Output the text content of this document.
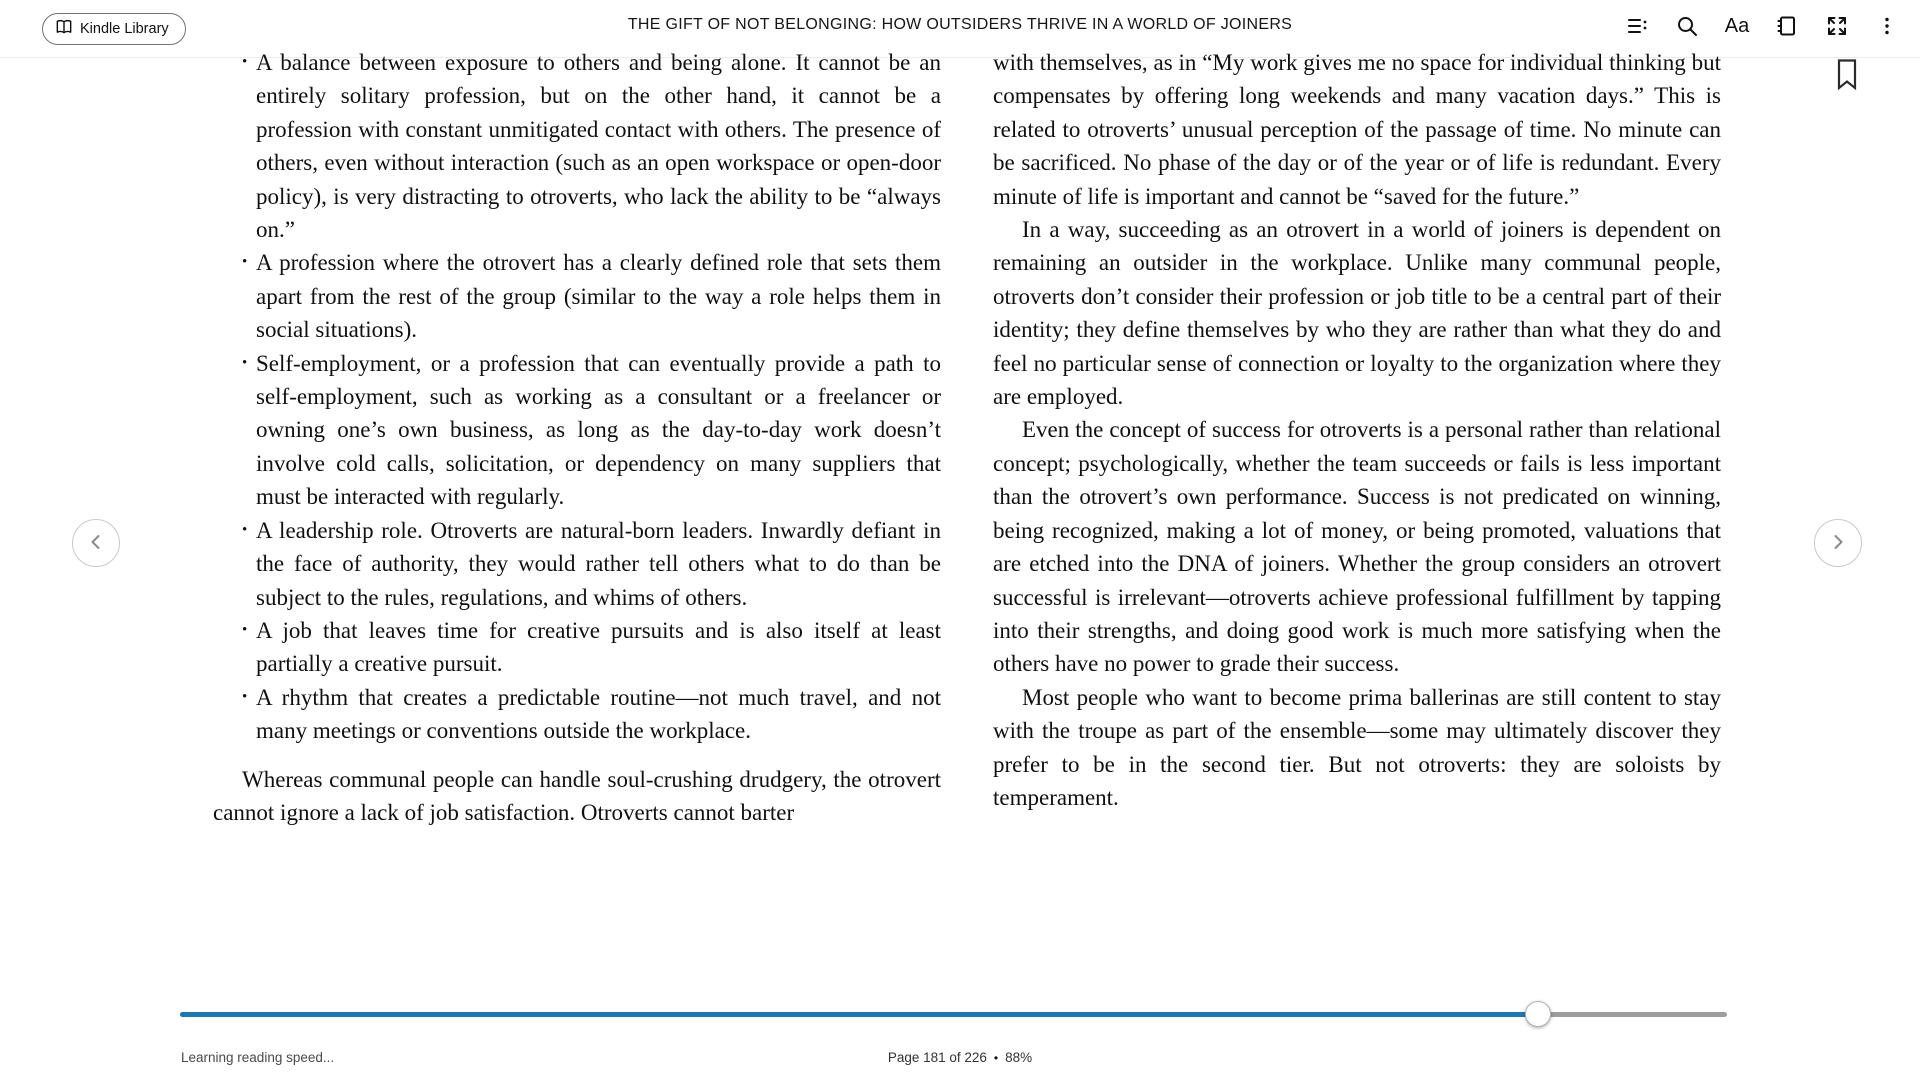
Kindle Library	THE GIFT OF NOT BELONGING: HOW OUTSIDERS THRIVE IN A WORLD OF JOINERS	Aa
• A balance between exposure to others and being alone. It cannot be an entirely solitary profession, but on the other hand, it cannot be a profession with constant unmitigated contact with others. The presence of others, even without interaction (such as an open workspace or open-door policy), is very distracting to otroverts, who lack the ability to be “always on.”
• A profession where the otrovert has a clearly defined role that sets them apart from the rest of the group (similar to the way a role helps them in social situations).
• Self-employment, or a profession that can eventually provide a path to self-employment, such as working as a consultant or a freelancer or owning one’s own business, as long as the day-to-day work doesn’t involve cold calls, solicitation, or dependency on many suppliers that must be interacted with regularly.
• A leadership role. Otroverts are natural-born leaders. Inwardly defiant in the face of authority, they would rather tell others what to do than be subject to the rules, regulations, and whims of others.
• A job that leaves time for creative pursuits and is also itself at least partially a creative pursuit.
• A rhythm that creates a predictable routine—not much travel, and not many meetings or conventions outside the workplace.

Whereas communal people can handle soul-crushing drudgery, the otrovert cannot ignore a lack of job satisfaction. Otroverts cannot barter

with themselves, as in “My work gives me no space for individual thinking but compensates by offering long weekends and many vacation days.” This is related to otroverts’ unusual perception of the passage of time. No minute can be sacrificed. No phase of the day or of the year or of life is redundant. Every minute of life is important and cannot be “saved for the future.”

In a way, succeeding as an otrovert in a world of joiners is dependent on remaining an outsider in the workplace. Unlike many communal people, otroverts don’t consider their profession or job title to be a central part of their identity; they define themselves by who they are rather than what they do and feel no particular sense of connection or loyalty to the organization where they are employed.

Even the concept of success for otroverts is a personal rather than relational concept; psychologically, whether the team succeeds or fails is less important than the otrovert’s own performance. Success is not predicated on winning, being recognized, making a lot of money, or being promoted, valuations that are etched into the DNA of joiners. Whether the group considers an otrovert successful is irrelevant—otroverts achieve professional fulfillment by tapping into their strengths, and doing good work is much more satisfying when the others have no power to grade their success.

Most people who want to become prima ballerinas are still content to stay with the troupe as part of the ensemble—some may ultimately discover they prefer to be in the second tier. But not otroverts: they are soloists by temperament.

Learning reading speed...	Page 181 of 226 • 88%
